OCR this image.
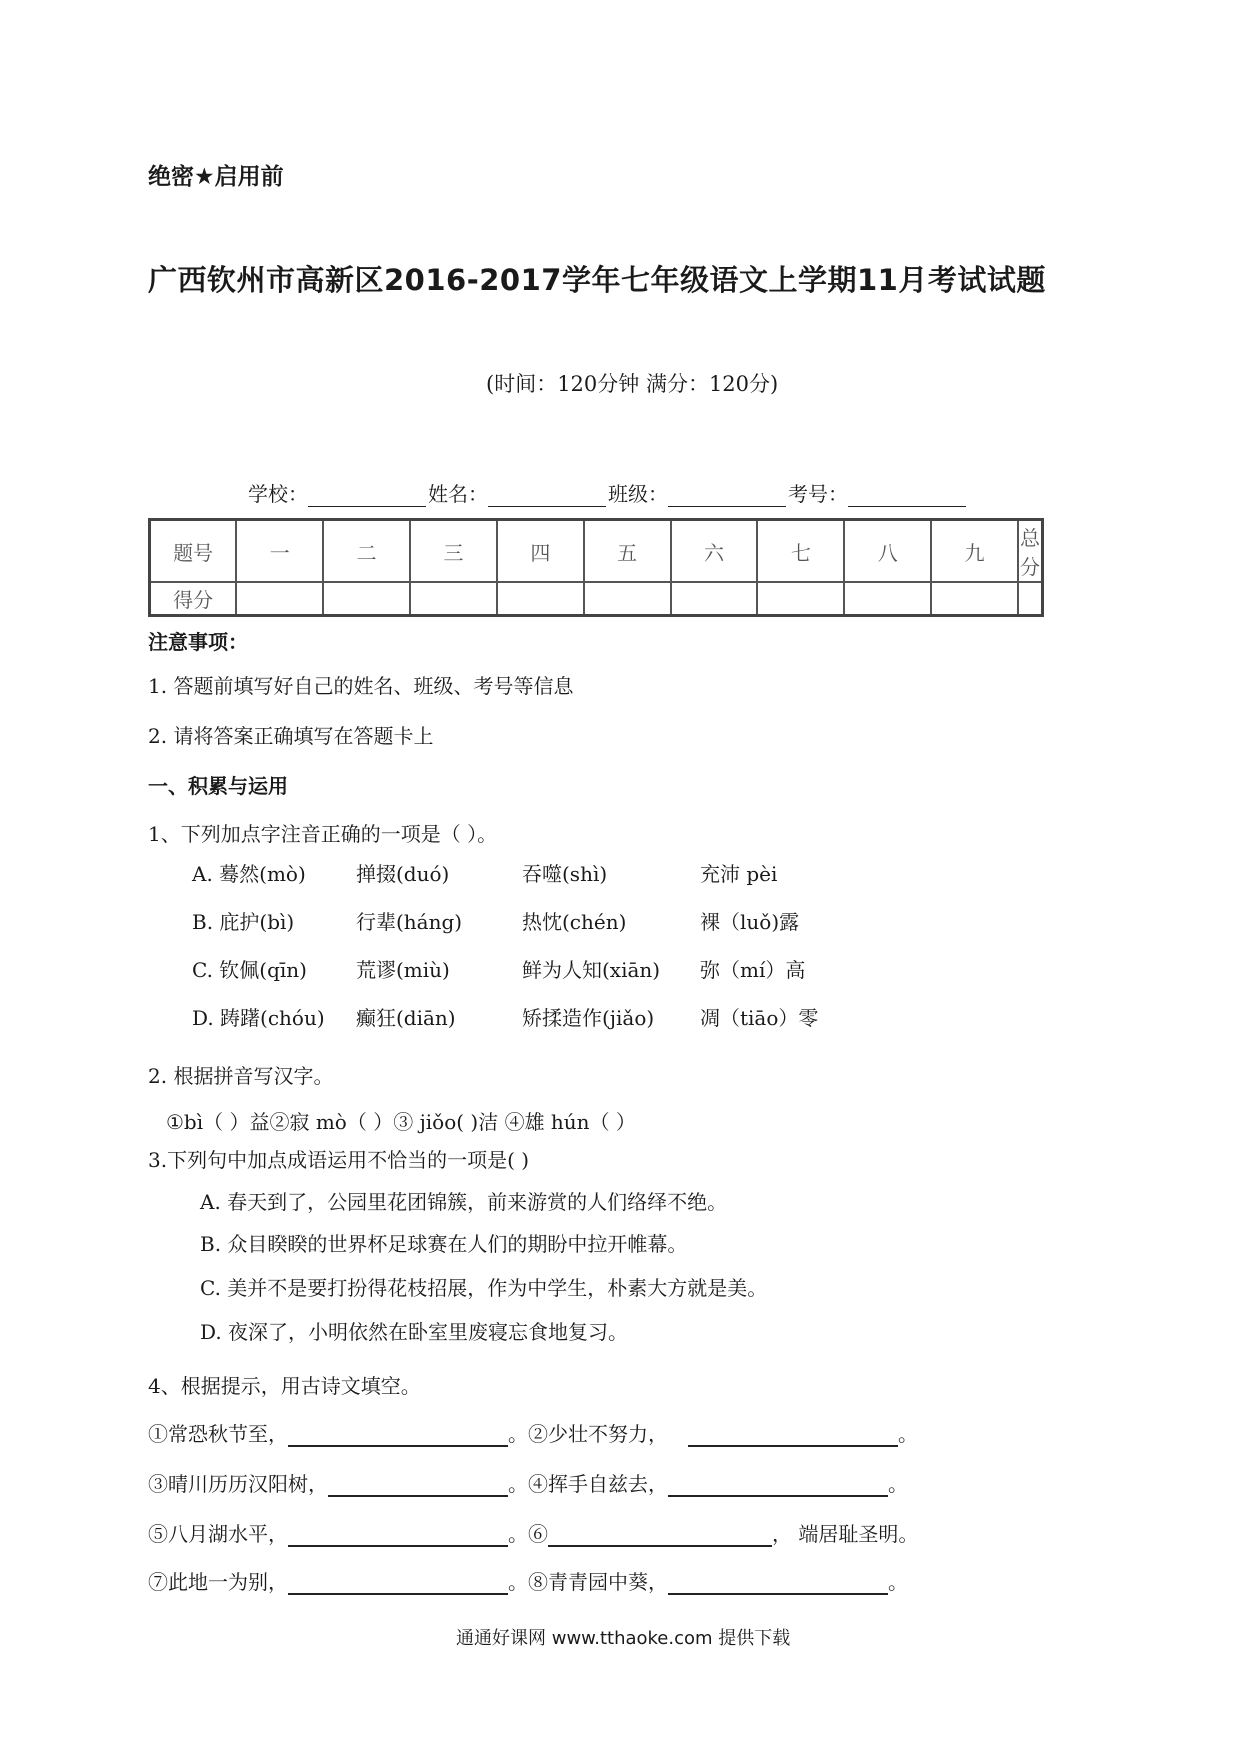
绝密★启用前
广西钦州市高新区2016-2017学年七年级语文上学期11月考试试题
(时间：120分钟 满分：120分)
学校：	姓名：	班级：	考号：
题号	一	二	三	四	五	六	七	八	九	总分
得分										
注意事项：
1. 答题前填写好自己的姓名、班级、考号等信息
2. 请将答案正确填写在答题卡上
一、积累与运用
1、下列加点字注音正确的一项是（ ）。
A. 蓦然(mò)	掸掇(duó)	吞噬(shì)	充沛 pèi
B. 庇护(bì)	行辈(háng)	热忱(chén)	裸（luǒ)露
C. 钦佩(qīn) 荒谬(miù)	鲜为人知(xiān) 弥（mí）高
D. 踌躇(chóu) 癫狂(diān)	矫揉造作(jiǎo) 凋（tiāo）零
2. 根据拼音写汉字。
①bì（ ）益②寂 mò（ ）③ jiǒo( )洁 ④雄 hún（ ）
3.下列句中加点成语运用不恰当的一项是( )
A. 春天到了，公园里花团锦簇，前来游赏的人们络绎不绝。
B. 众目睽睽的世界杯足球赛在人们的期盼中拉开帷幕。
C. 美并不是要打扮得花枝招展，作为中学生，朴素大方就是美。
D. 夜深了，小明依然在卧室里废寝忘食地复习。
4、根据提示，用古诗文填空。
①常恐秋节至，	。②少壮不努力，	。
③晴川历历汉阳树，	。④挥手自兹去，	。
⑤八月湖水平，	。⑥	， 端居耻圣明。
⑦此地一为别，	。⑧青青园中葵，	。
通通好课网 www.tthaoke.com 提供下载
